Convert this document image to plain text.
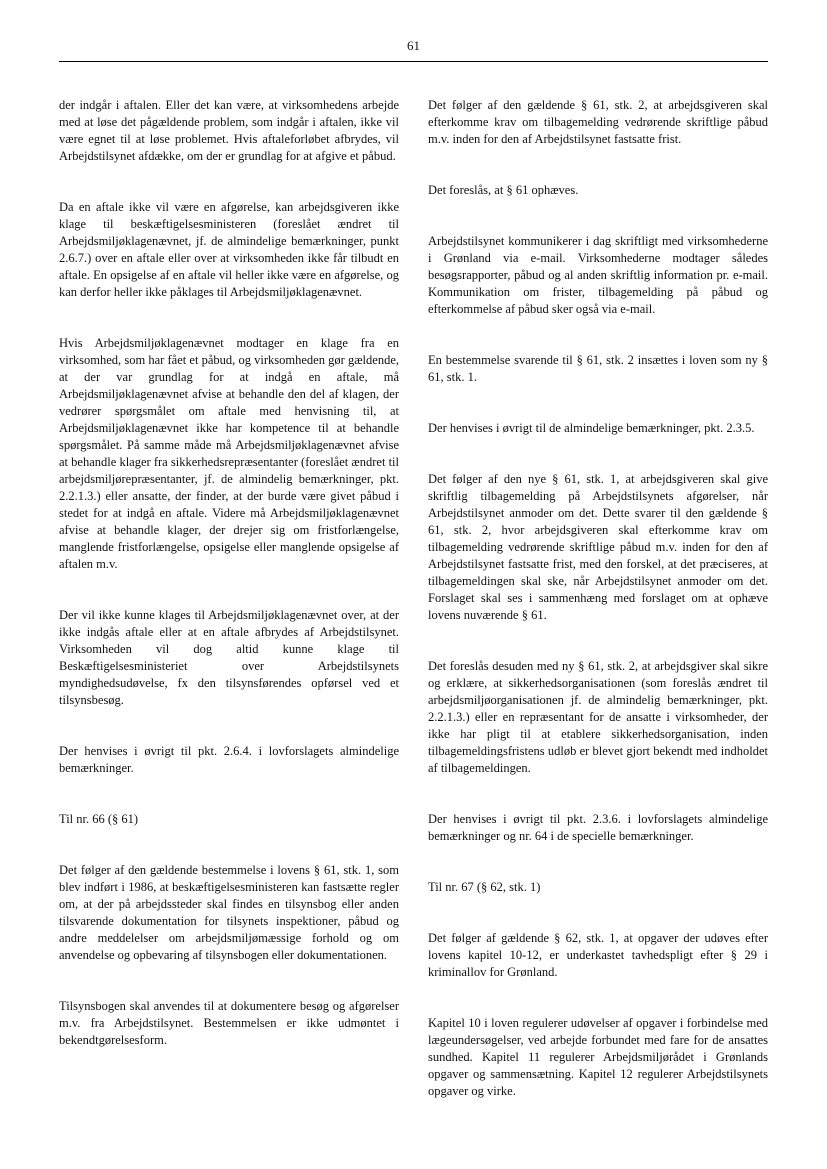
61

der indgår i aftalen. Eller det kan være, at virksomhedens arbejde med at løse det pågældende problem, som indgår i aftalen, ikke vil være egnet til at løse problemet. Hvis aftaleforløbet afbrydes, vil Arbejdstilsynet afdække, om der er grundlag for at afgive et påbud.

Da en aftale ikke vil være en afgørelse, kan arbejdsgiveren ikke klage til beskæftigelsesministeren (foreslået ændret til Arbejdsmiljøklagenævnet, jf. de almindelige bemærkninger, punkt 2.6.7.) over en aftale eller over at virksomheden ikke får tilbudt en aftale. En opsigelse af en aftale vil heller ikke være en afgørelse, og kan derfor heller ikke påklages til Arbejdsmiljøklagenævnet.

Hvis Arbejdsmiljøklagenævnet modtager en klage fra en virksomhed, som har fået et påbud, og virksomheden gør gældende, at der var grundlag for at indgå en aftale, må Arbejdsmiljøklagenævnet afvise at behandle den del af klagen, der vedrører spørgsmålet om aftale med henvisning til, at Arbejdsmiljøklagenævnet ikke har kompetence til at behandle spørgsmålet. På samme måde må Arbejdsmiljøklagenævnet afvise at behandle klager fra sikkerhedsrepræsentanter (foreslået ændret til arbejdsmiljørepræsentanter, jf. de almindelig bemærkninger, pkt. 2.2.1.3.) eller ansatte, der finder, at der burde være givet påbud i stedet for at indgå en aftale. Videre må Arbejdsmiljøklagenævnet afvise at behandle klager, der drejer sig om fristforlængelse, manglende fristforlængelse, opsigelse eller manglende opsigelse af aftalen m.v.

Der vil ikke kunne klages til Arbejdsmiljøklagenævnet over, at der ikke indgås aftale eller at en aftale afbrydes af Arbejdstilsynet. Virksomheden vil dog altid kunne klage til Beskæftigelsesministeriet over Arbejdstilsynets myndighedsudøvelse, fx den tilsynsførendes opførsel ved et tilsynsbesøg.

Der henvises i øvrigt til pkt. 2.6.4. i lovforslagets almindelige bemærkninger.

Til nr. 66 (§ 61)

Det følger af den gældende bestemmelse i lovens § 61, stk. 1, som blev indført i 1986, at beskæftigelsesministeren kan fastsætte regler om, at der på arbejdssteder skal findes en tilsynsbog eller anden tilsvarende dokumentation for tilsynets inspektioner, påbud og andre meddelelser om arbejdsmiljømæssige forhold og om anvendelse og opbevaring af tilsynsbogen eller dokumentationen.

Tilsynsbogen skal anvendes til at dokumentere besøg og afgørelser m.v. fra Arbejdstilsynet. Bestemmelsen er ikke udmøntet i bekendtgørelsesform.

Det følger af den gældende § 61, stk. 2, at arbejdsgiveren skal efterkomme krav om tilbagemelding vedrørende skriftlige påbud m.v. inden for den af Arbejdstilsynet fastsatte frist.

Det foreslås, at § 61 ophæves.

Arbejdstilsynet kommunikerer i dag skriftligt med virksomhederne i Grønland via e-mail. Virksomhederne modtager således besøgsrapporter, påbud og al anden skriftlig information pr. e-mail. Kommunikation om frister, tilbagemelding på påbud og efterkommelse af påbud sker også via e-mail.

En bestemmelse svarende til § 61, stk. 2 insættes i loven som ny § 61, stk. 1.

Der henvises i øvrigt til de almindelige bemærkninger, pkt. 2.3.5.

Det følger af den nye § 61, stk. 1, at arbejdsgiveren skal give skriftlig tilbagemelding på Arbejdstilsynets afgørelser, når Arbejdstilsynet anmoder om det. Dette svarer til den gældende § 61, stk. 2, hvor arbejdsgiveren skal efterkomme krav om tilbagemelding vedrørende skriftlige påbud m.v. inden for den af Arbejdstilsynet fastsatte frist, med den forskel, at det præciseres, at tilbagemeldingen skal ske, når Arbejdstilsynet anmoder om det. Forslaget skal ses i sammenhæng med forslaget om at ophæve lovens nuværende § 61.

Det foreslås desuden med ny § 61, stk. 2, at arbejdsgiver skal sikre og erklære, at sikkerhedsorganisationen (som foreslås ændret til arbejdsmiljøorganisationen jf. de almindelig bemærkninger, pkt. 2.2.1.3.) eller en repræsentant for de ansatte i virksomheder, der ikke har pligt til at etablere sikkerhedsorganisation, inden tilbagemeldingsfristens udløb er blevet gjort bekendt med indholdet af tilbagemeldingen.

Der henvises i øvrigt til pkt. 2.3.6. i lovforslagets almindelige bemærkninger og nr. 64 i de specielle bemærkninger.

Til nr. 67 (§ 62, stk. 1)

Det følger af gældende § 62, stk. 1, at opgaver der udøves efter lovens kapitel 10-12, er underkastet tavhedspligt efter § 29 i kriminallov for Grønland.

Kapitel 10 i loven regulerer udøvelser af opgaver i forbindelse med lægeundersøgelser, ved arbejde forbundet med fare for de ansattes sundhed. Kapitel 11 regulerer Arbejdsmiljørådet i Grønlands opgaver og sammensætning. Kapitel 12 regulerer Arbejdstilsynets opgaver og virke.
